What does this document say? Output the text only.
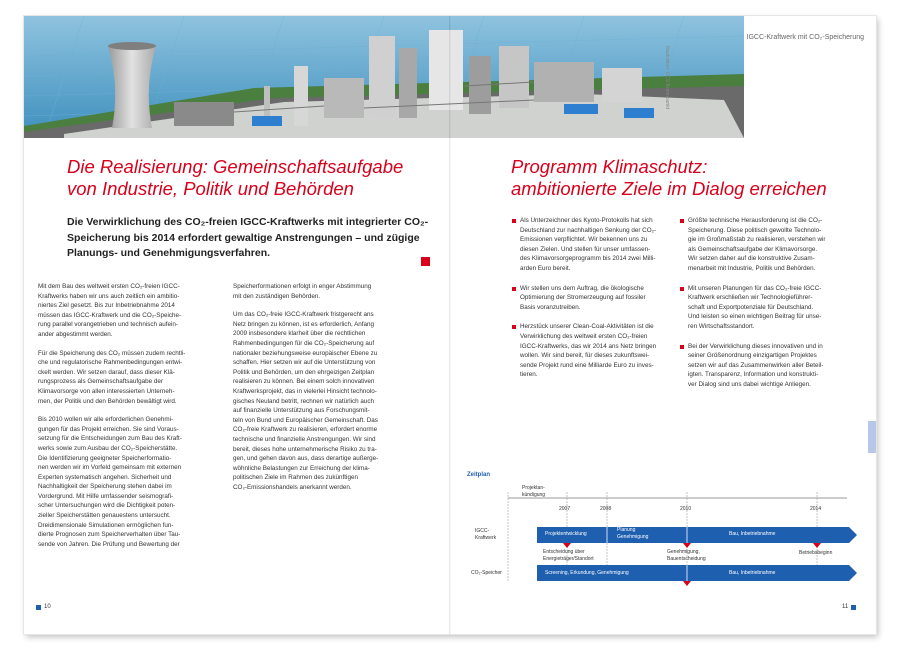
IGCC-Kraftwerk mit CO₂-Speicherung
Illustration: CCS Brennpunkt
Die Realisierung: Gemeinschaftsaufgabe
von Industrie, Politik und Behörden
Die Verwirklichung des CO₂-freien IGCC-Kraftwerks mit integrierter CO₂-
Speicherung bis 2014 erfordert gewaltige Anstrengungen – und zügige
Planungs- und Genehmigungsverfahren.

Mit dem Bau des weltweit ersten CO₂-freien IGCC-
Kraftwerks haben wir uns auch zeitlich ein ambitio-
niertes Ziel gesetzt. Bis zur Inbetriebnahme 2014
müssen das IGCC-Kraftwerk und die CO₂-Speiche-
rung parallel vorangetrieben und technisch aufein-
ander abgestimmt werden.

Für die Speicherung des CO₂ müssen zudem rechtli-
che und regulatorische Rahmenbedingungen entwi-
ckelt werden. Wir setzen darauf, dass dieser Klä-
rungsprozess als Gemeinschaftsaufgabe der
Klimavorsorge von allen interessierten Unterneh-
men, der Politik und den Behörden bewältigt wird.

Bis 2010 wollen wir alle erforderlichen Genehmi-
gungen für das Projekt erreichen. Sie sind Voraus-
setzung für die Entscheidungen zum Bau des Kraft-
werks sowie zum Ausbau der CO₂-Speicherstätte.
Die Identifizierung geeigneter Speicherformatio-
nen werden wir im Vorfeld gemeinsam mit externen
Experten systematisch angehen. Sicherheit und
Nachhaltigkeit der Speicherung stehen dabei im
Vordergrund. Mit Hilfe umfassender seismografi-
scher Untersuchungen wird die Dichtigkeit poten-
zieller Speicherstätten genauestens untersucht.
Dreidimensionale Simulationen ermöglichen fun-
dierte Prognosen zum Speicherverhalten über Tau-
sende von Jahren. Die Prüfung und Bewertung der

Speicherformationen erfolgt in enger Abstimmung
mit den zuständigen Behörden.

Um das CO₂-freie IGCC-Kraftwerk fristgerecht ans
Netz bringen zu können, ist es erforderlich, Anfang
2009 insbesondere klarheit über die rechtlichen
Rahmenbedingungen für die CO₂-Speicherung auf
nationaler beziehungsweise europäischer Ebene zu
schaffen. Hier setzen wir auf die Unterstützung von
Politik und Behörden, um den ehrgeizigen Zeitplan
realisieren zu können. Bei einem solch innovativen
Kraftwerksprojekt, das in vielerlei Hinsicht technolo-
gisches Neuland betritt, rechnen wir natürlich auch
auf finanzielle Unterstützung aus Forschungsmit-
teln von Bund und Europäischer Gemeinschaft. Das
CO₂-freie Kraftwerk zu realisieren, erfordert enorme
technische und finanzielle Anstrengungen. Wir sind
bereit, dieses hohe unternehmerische Risiko zu tra-
gen, und gehen davon aus, dass derartige außerge-
wöhnliche Belastungen zur Erreichung der klima-
politischen Ziele im Rahmen des zukünftigen
CO₂-Emissionshandels anerkannt werden.

10
Programm Klimaschutz:
ambitionierte Ziele im Dialog erreichen
Als Unterzeichner des Kyoto-Protokolls hat sich
Deutschland zur nachhaltigen Senkung der CO₂-
Emissionen verpflichtet. Wir bekennen uns zu
diesen Zielen. Und stellen für unser umfassen-
des Klimavorsorgeprogramm bis 2014 zwei Milli-
arden Euro bereit.
Wir stellen uns dem Auftrag, die ökologische
Optimierung der Stromerzeugung auf fossiler
Basis voranzutreiben.
Herzstück unserer Clean-Coal-Aktivitäten ist die
Verwirklichung des weltweit ersten CO₂-freien
IGCC-Kraftwerks, das wir 2014 ans Netz bringen
wollen. Wir sind bereit, für dieses zukunftswei-
sende Projekt rund eine Milliarde Euro zu inves-
tieren.
Größte technische Herausforderung ist die CO₂-
Speicherung. Diese politisch gewollte Technolo-
gie im Großmaßstab zu realisieren, verstehen wir
als Gemeinschaftsaufgabe der Klimavorsorge.
Wir setzen daher auf die konstruktive Zusam-
menarbeit mit Industrie, Politik und Behörden.
Mit unseren Planungen für das CO₂-freie IGCC-
Kraftwerk erschließen wir Technologieführer-
schaft und Exportpotenziale für Deutschland.
Und leisten so einen wichtigen Beitrag für unse-
ren Wirtschaftsstandort.
Bei der Verwirklichung dieses innovativen und in
seiner Größenordnung einzigartigen Projektes
setzen wir auf das Zusammenwirken aller Beteil-
igten. Transparenz, Information und konstrukti-
ver Dialog sind uns dabei wichtige Anliegen.
Zeitplan
Projektan-
kündigung
2007	2008	2010	2014
IGCC-
Kraftwerk
CO₂-Speicher
Projektentwicklung
Planung
Genehmigung	Bau, Inbetriebnahme
Screening, Erkundung, Genehmigung	Bau, Inbetriebnahme
Entscheidung über
Energieträger/Standort
Genehmigung,
Bauentscheidung
Betriebsbeginn
11
